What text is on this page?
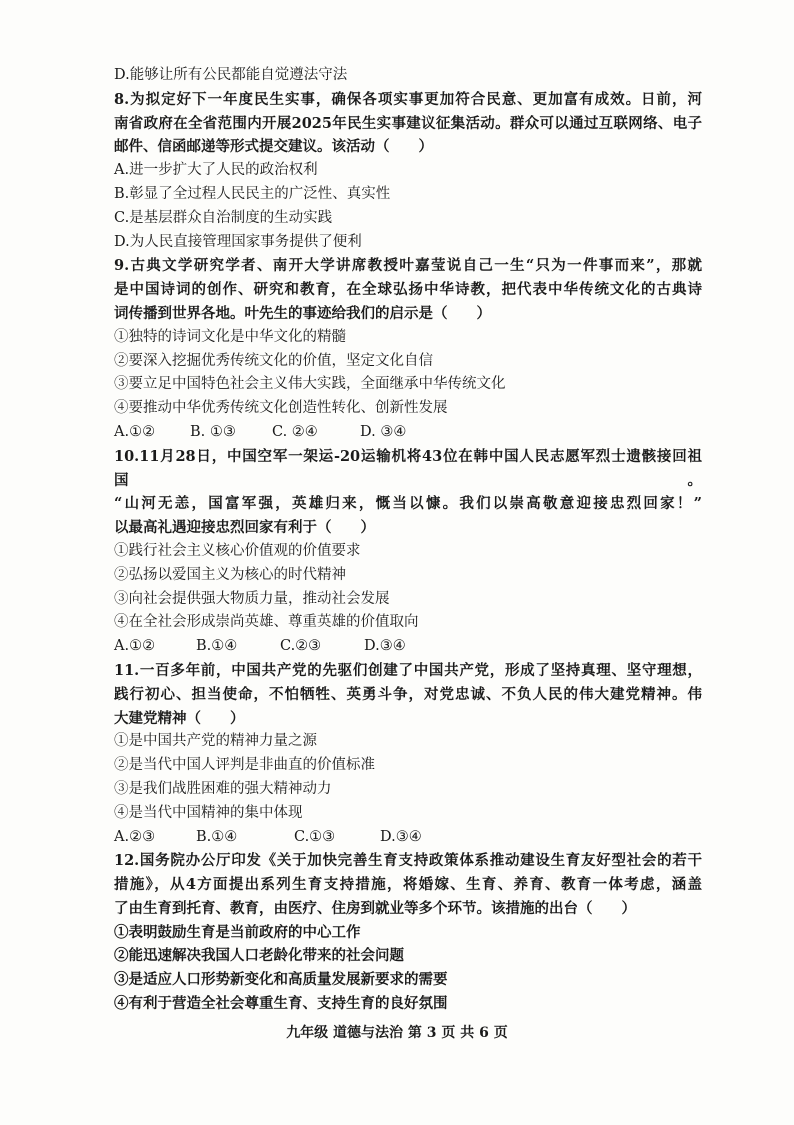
D.能够让所有公民都能自觉遵法守法
8.为拟定好下一年度民生实事，确保各项实事更加符合民意、更加富有成效。日前，河
南省政府在全省范围内开展2025年民生实事建议征集活动。群众可以通过互联网络、电子
邮件、信函邮递等形式提交建议。该活动（　　）
A.进一步扩大了人民的政治权利
B.彰显了全过程人民民主的广泛性、真实性
C.是基层群众自治制度的生动实践
D.为人民直接管理国家事务提供了便利
9.古典文学研究学者、南开大学讲席教授叶嘉莹说自己一生“只为一件事而来”，那就
是中国诗词的创作、研究和教育，在全球弘扬中华诗教，把代表中华传统文化的古典诗
词传播到世界各地。叶先生的事迹给我们的启示是（　　）
①独特的诗词文化是中华文化的精髓
②要深入挖掘优秀传统文化的价值，坚定文化自信
③要立足中国特色社会主义伟大实践，全面继承中华传统文化
④要推动中华优秀传统文化创造性转化、创新性发展
A.①② B. ①③ C. ②④	D. ③④
10.11月28日，中国空军一架运-20运输机将43位在韩中国人民志愿军烈士遗骸接回祖国。
“山河无恙，国富军强，英雄归来，慨当以慷。我们以崇高敬意迎接忠烈回家！”
以最高礼遇迎接忠烈回家有利于（　　）
①践行社会主义核心价值观的价值要求
②弘扬以爱国主义为核心的时代精神
③向社会提供强大物质力量，推动社会发展
④在全社会形成崇尚英雄、尊重英雄的价值取向
A.①②	B.①④	C.②③	D.③④
11.一百多年前，中国共产党的先驱们创建了中国共产党，形成了坚持真理、坚守理想，
践行初心、担当使命，不怕牺牲、英勇斗争，对党忠诚、不负人民的伟大建党精神。伟
大建党精神（　　）
①是中国共产党的精神力量之源
②是当代中国人评判是非曲直的价值标准
③是我们战胜困难的强大精神动力
④是当代中国精神的集中体现
A.②③	B.①④	C.①③	D.③④
12.国务院办公厅印发《关于加快完善生育支持政策体系推动建设生育友好型社会的若干
措施》，从4方面提出系列生育支持措施，将婚嫁、生育、养育、教育一体考虑，涵盖
了由生育到托育、教育，由医疗、住房到就业等多个环节。该措施的出台（　　）
①表明鼓励生育是当前政府的中心工作
②能迅速解决我国人口老龄化带来的社会问题
③是适应人口形势新变化和高质量发展新要求的需要
④有利于营造全社会尊重生育、支持生育的良好氛围
九年级 道德与法治 第 3 页 共 6 页
